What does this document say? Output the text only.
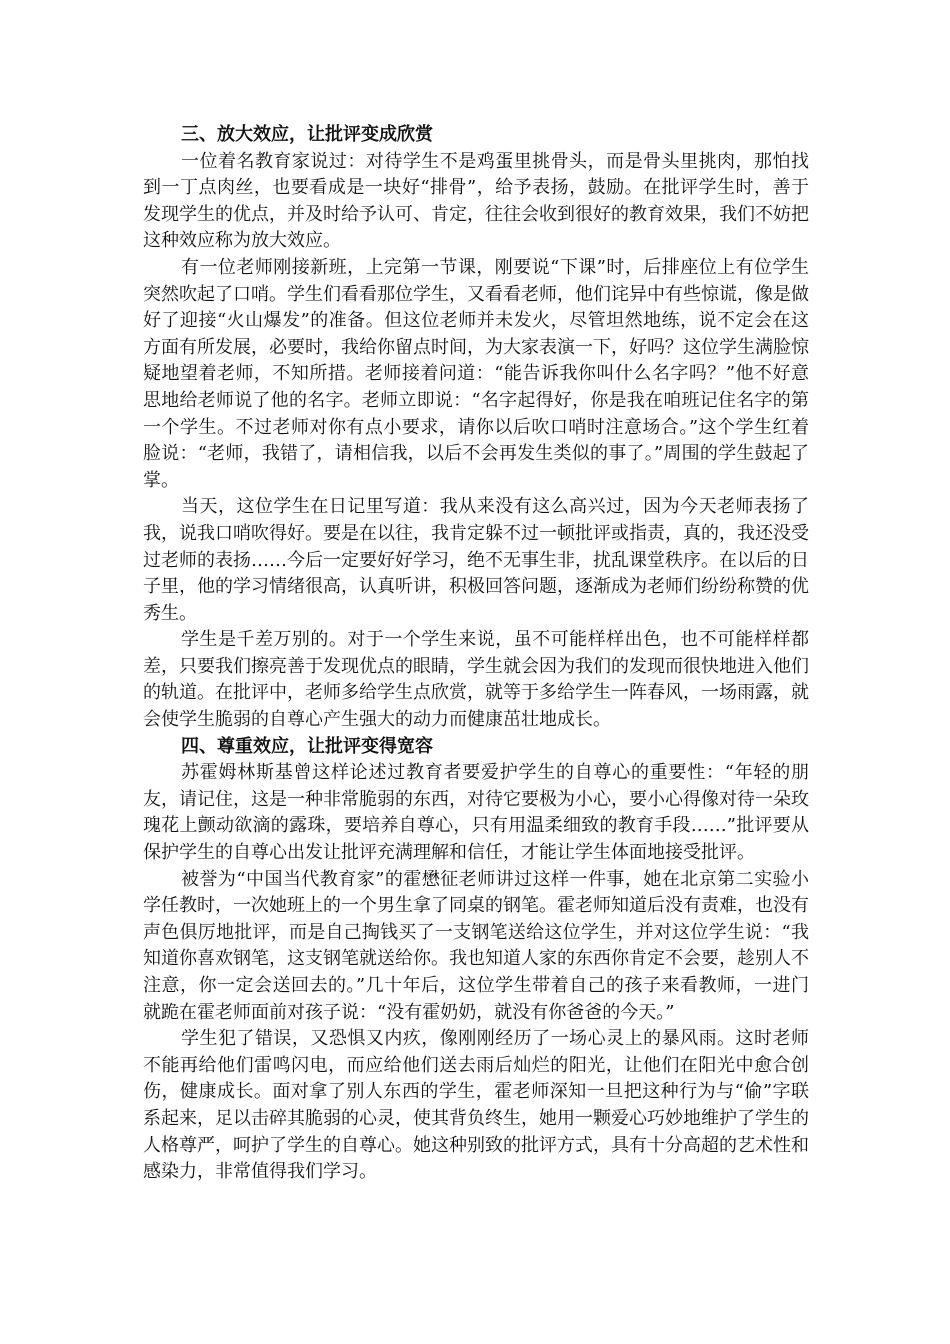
三、放大效应，让批评变成欣赏

一位着名教育家说过：对待学生不是鸡蛋里挑骨头，而是骨头里挑肉，那怕找到一丁点肉丝，也要看成是一块好“排骨”，给予表扬，鼓励。在批评学生时，善于发现学生的优点，并及时给予认可、肯定，往往会收到很好的教育效果，我们不妨把这种效应称为放大效应。

有一位老师刚接新班，上完第一节课，刚要说“下课”时，后排座位上有位学生突然吹起了口哨。学生们看看那位学生，又看看老师，他们诧异中有些惊谎，像是做好了迎接“火山爆发”的准备。但这位老师并未发火，尽管坦然地练，说不定会在这方面有所发展，必要时，我给你留点时间，为大家表演一下，好吗？这位学生满脸惊疑地望着老师，不知所措。老师接着问道：“能告诉我你叫什么名字吗？”他不好意思地给老师说了他的名字。老师立即说：“名字起得好，你是我在咱班记住名字的第一个学生。不过老师对你有点小要求，请你以后吹口哨时注意场合。”这个学生红着脸说：“老师，我错了，请相信我，以后不会再发生类似的事了。”周围的学生鼓起了掌。

当天，这位学生在日记里写道：我从来没有这么高兴过，因为今天老师表扬了我，说我口哨吹得好。要是在以往，我肯定躲不过一顿批评或指责，真的，我还没受过老师的表扬……今后一定要好好学习，绝不无事生非，扰乱课堂秩序。在以后的日子里，他的学习情绪很高，认真听讲，积极回答问题，逐渐成为老师们纷纷称赞的优秀生。

学生是千差万别的。对于一个学生来说，虽不可能样样出色，也不可能样样都差，只要我们擦亮善于发现优点的眼睛，学生就会因为我们的发现而很快地进入他们的轨道。在批评中，老师多给学生点欣赏，就等于多给学生一阵春风，一场雨露，就会使学生脆弱的自尊心产生强大的动力而健康茁壮地成长。

四、尊重效应，让批评变得宽容

苏霍姆林斯基曾这样论述过教育者要爱护学生的自尊心的重要性：“年轻的朋友，请记住，这是一种非常脆弱的东西，对待它要极为小心，要小心得像对待一朵玫瑰花上颤动欲滴的露珠，要培养自尊心，只有用温柔细致的教育手段……”批评要从保护学生的自尊心出发让批评充满理解和信任，才能让学生体面地接受批评。

被誉为“中国当代教育家”的霍懋征老师讲过这样一件事，她在北京第二实验小学任教时，一次她班上的一个男生拿了同桌的钢笔。霍老师知道后没有责难，也没有声色俱厉地批评，而是自己掏钱买了一支钢笔送给这位学生，并对这位学生说：“我知道你喜欢钢笔，这支钢笔就送给你。我也知道人家的东西你肯定不会要，趁别人不注意，你一定会送回去的。”几十年后，这位学生带着自己的孩子来看教师，一进门就跪在霍老师面前对孩子说：“没有霍奶奶，就没有你爸爸的今天。”

学生犯了错误，又恐惧又内疚，像刚刚经历了一场心灵上的暴风雨。这时老师不能再给他们雷鸣闪电，而应给他们送去雨后灿烂的阳光，让他们在阳光中愈合创伤，健康成长。面对拿了别人东西的学生，霍老师深知一旦把这种行为与“偷”字联系起来，足以击碎其脆弱的心灵，使其背负终生，她用一颗爱心巧妙地维护了学生的人格尊严，呵护了学生的自尊心。她这种别致的批评方式，具有十分高超的艺术性和感染力，非常值得我们学习。
